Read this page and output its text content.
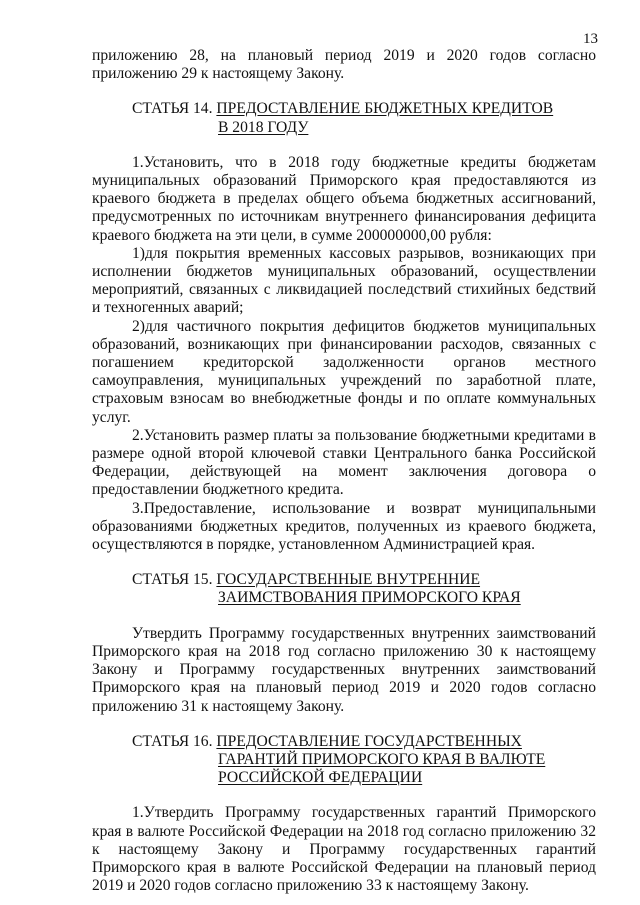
13

приложению 28, на плановый период 2019 и 2020 годов согласно приложению 29 к настоящему Закону.

СТАТЬЯ 14. ПРЕДОСТАВЛЕНИЕ БЮДЖЕТНЫХ КРЕДИТОВ
В 2018 ГОДУ

1.Установить, что в 2018 году бюджетные кредиты бюджетам муниципальных образований Приморского края предоставляются из краевого бюджета в пределах общего объема бюджетных ассигнований, предусмотренных по источникам внутреннего финансирования дефицита краевого бюджета на эти цели, в сумме 200000000,00 рубля:

1)для покрытия временных кассовых разрывов, возникающих при исполнении бюджетов муниципальных образований, осуществлении мероприятий, связанных с ликвидацией последствий стихийных бедствий и техногенных аварий;

2)для частичного покрытия дефицитов бюджетов муниципальных образований, возникающих при финансировании расходов, связанных с погашением кредиторской задолженности органов местного самоуправления, муниципальных учреждений по заработной плате, страховым взносам во внебюджетные фонды и по оплате коммунальных услуг.

2.Установить размер платы за пользование бюджетными кредитами в размере одной второй ключевой ставки Центрального банка Российской Федерации, действующей на момент заключения договора о предоставлении бюджетного кредита.

3.Предоставление, использование и возврат муниципальными образованиями бюджетных кредитов, полученных из краевого бюджета, осуществляются в порядке, установленном Администрацией края.

СТАТЬЯ 15. ГОСУДАРСТВЕННЫЕ ВНУТРЕННИЕ
ЗАИМСТВОВАНИЯ ПРИМОРСКОГО КРАЯ

Утвердить Программу государственных внутренних заимствований Приморского края на 2018 год согласно приложению 30 к настоящему Закону и Программу государственных внутренних заимствований Приморского края на плановый период 2019 и 2020 годов согласно приложению 31 к настоящему Закону.

СТАТЬЯ 16. ПРЕДОСТАВЛЕНИЕ ГОСУДАРСТВЕННЫХ
ГАРАНТИЙ ПРИМОРСКОГО КРАЯ В ВАЛЮТЕ
РОССИЙСКОЙ ФЕДЕРАЦИИ

1.Утвердить Программу государственных гарантий Приморского края в валюте Российской Федерации на 2018 год согласно приложению 32 к настоящему Закону и Программу государственных гарантий Приморского края в валюте Российской Федерации на плановый период 2019 и 2020 годов согласно приложению 33 к настоящему Закону.
